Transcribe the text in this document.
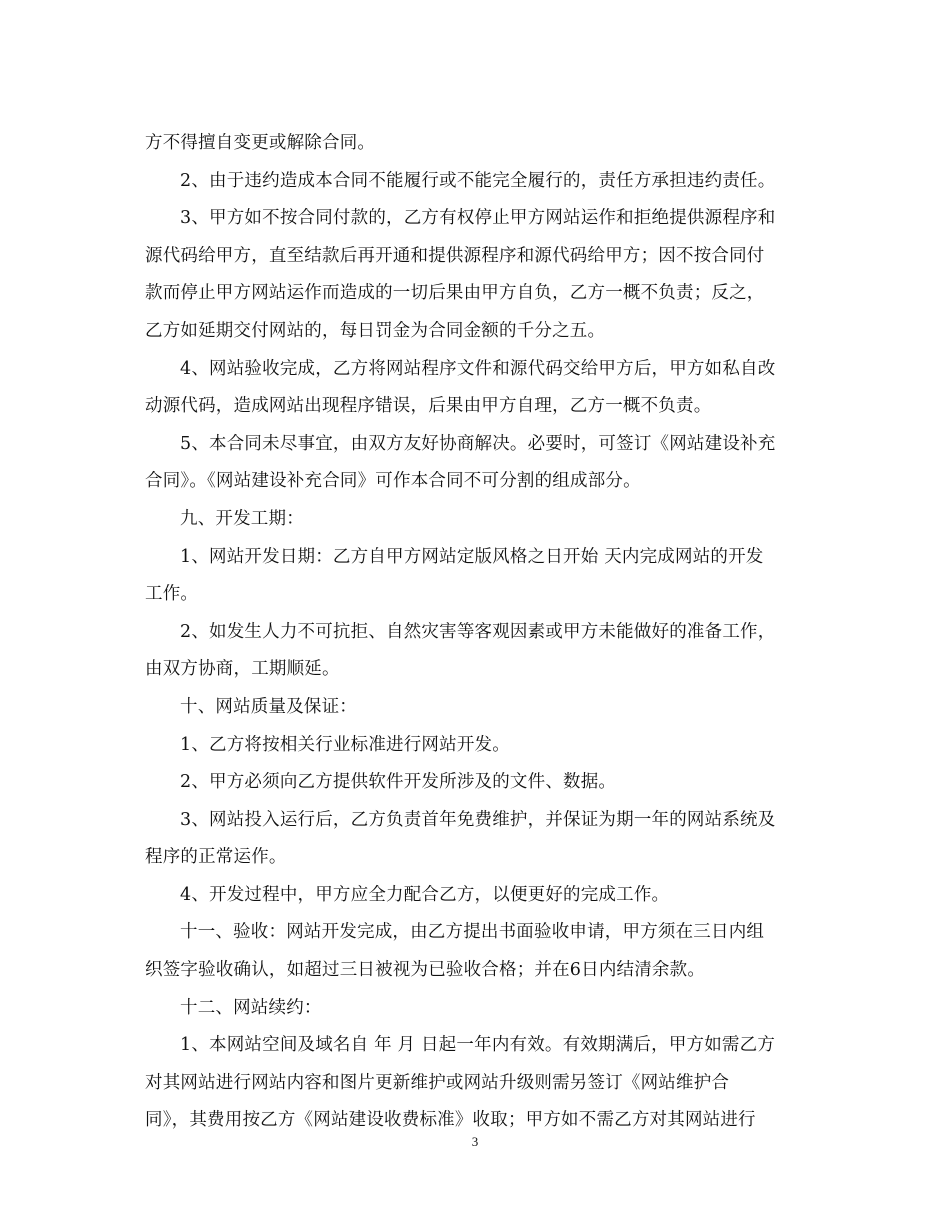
方不得擅自变更或解除合同。
2、由于违约造成本合同不能履行或不能完全履行的，责任方承担违约责任。
3、甲方如不按合同付款的，乙方有权停止甲方网站运作和拒绝提供源程序和
源代码给甲方，直至结款后再开通和提供源程序和源代码给甲方；因不按合同付
款而停止甲方网站运作而造成的一切后果由甲方自负，乙方一概不负责；反之，
乙方如延期交付网站的，每日罚金为合同金额的千分之五。
4、网站验收完成，乙方将网站程序文件和源代码交给甲方后，甲方如私自改
动源代码，造成网站出现程序错误，后果由甲方自理，乙方一概不负责。
5、本合同未尽事宜，由双方友好协商解决。必要时，可签订《网站建设补充
合同》。《网站建设补充合同》可作本合同不可分割的组成部分。
九、开发工期：
1、网站开发日期：乙方自甲方网站定版风格之日开始 天内完成网站的开发
工作。
2、如发生人力不可抗拒、自然灾害等客观因素或甲方未能做好的准备工作，
由双方协商，工期顺延。
十、网站质量及保证：
1、乙方将按相关行业标准进行网站开发。
2、甲方必须向乙方提供软件开发所涉及的文件、数据。
3、网站投入运行后，乙方负责首年免费维护，并保证为期一年的网站系统及
程序的正常运作。
4、开发过程中，甲方应全力配合乙方，以便更好的完成工作。
十一、验收：网站开发完成，由乙方提出书面验收申请，甲方须在三日内组
织签字验收确认，如超过三日被视为已验收合格；并在6日内结清余款。
十二、网站续约：
1、本网站空间及域名自 年 月 日起一年内有效。有效期满后，甲方如需乙方
对其网站进行网站内容和图片更新维护或网站升级则需另签订《网站维护合
同》，其费用按乙方《网站建设收费标准》收取；甲方如不需乙方对其网站进行
3
